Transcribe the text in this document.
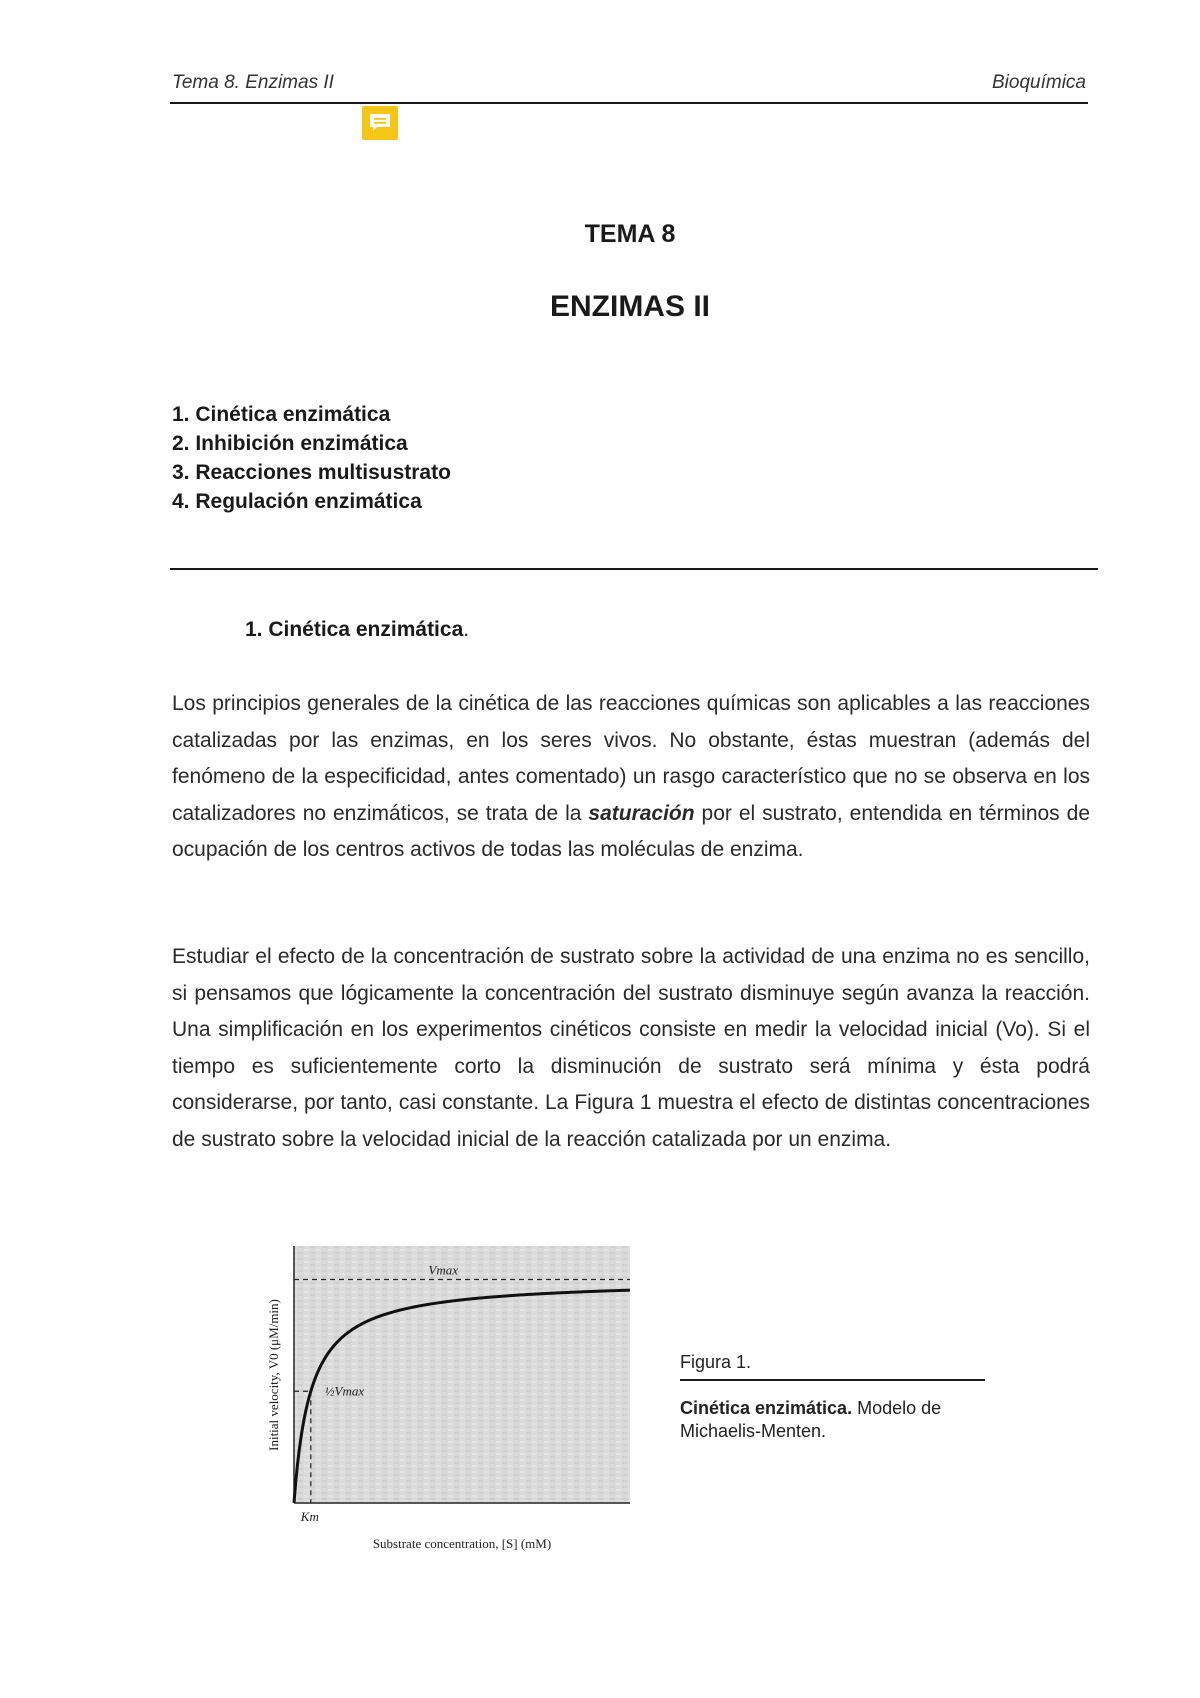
Tema 8. Enzimas II	Bioquímica
TEMA 8
ENZIMAS II
1. Cinética enzimática
2. Inhibición enzimática
3. Reacciones multisustrato
4. Regulación enzimática
1. Cinética enzimática.

Los principios generales de la cinética de las reacciones químicas son aplicables a las reacciones catalizadas por las enzimas, en los seres vivos. No obstante, éstas muestran (además del fenómeno de la especificidad, antes comentado) un rasgo característico que no se observa en los catalizadores no enzimáticos, se trata de la saturación por el sustrato, entendida en términos de ocupación de los centros activos de todas las moléculas de enzima.

Estudiar el efecto de la concentración de sustrato sobre la actividad de una enzima no es sencillo, si pensamos que lógicamente la concentración del sustrato disminuye según avanza la reacción. Una simplificación en los experimentos cinéticos consiste en medir la velocidad inicial (Vo). Si el tiempo es suficientemente corto la disminución de sustrato será mínima y ésta podrá considerarse, por tanto, casi constante. La Figura 1 muestra el efecto de distintas concentraciones de sustrato sobre la velocidad inicial de la reacción catalizada por un enzima.

Vmax
½Vmax
Km
Substrate concentration, [S] (mM)
Initial velocity, V0 (μM/min)	Figura 1.
Cinética enzimática. Modelo de Michaelis-Menten.
